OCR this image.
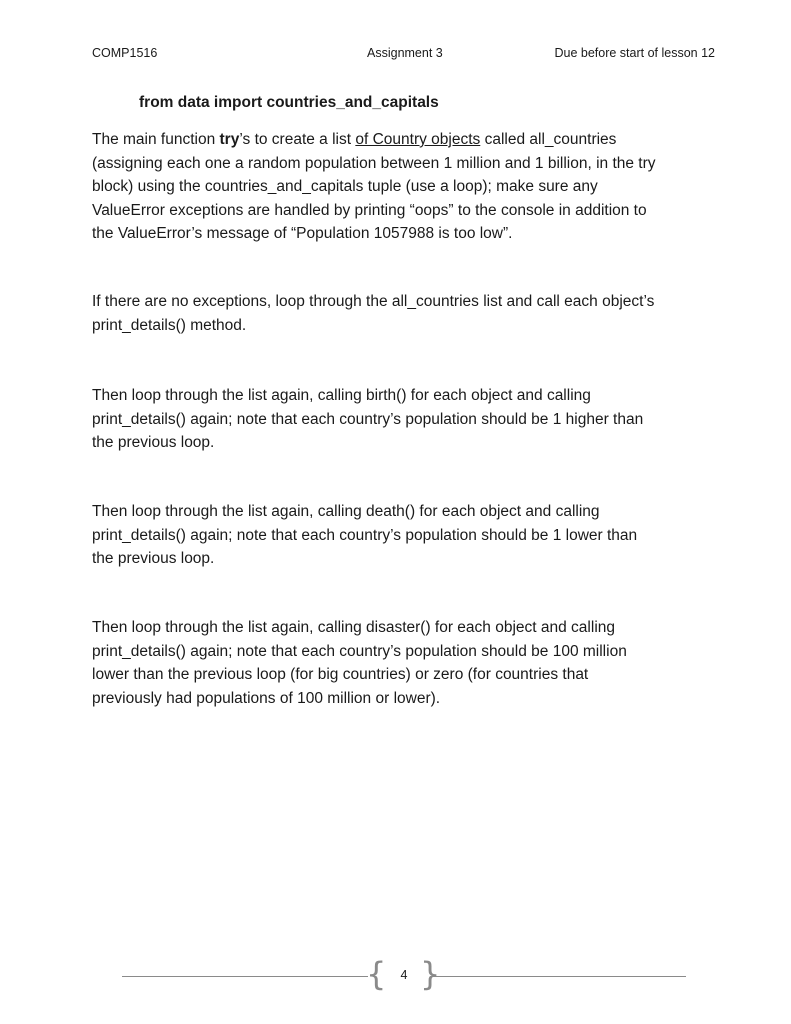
COMP1516	Assignment 3	Due before start of lesson 12
from data import countries_and_capitals

The main function try’s to create a list of Country objects called all_countries
(assigning each one a random population between 1 million and 1 billion, in the try
block) using the countries_and_capitals tuple (use a loop); make sure any
ValueError exceptions are handled by printing “oops” to the console in addition to
the ValueError’s message of “Population 1057988 is too low”.

If there are no exceptions, loop through the all_countries list and call each object’s
print_details() method.

Then loop through the list again, calling birth() for each object and calling
print_details() again; note that each country’s population should be 1 higher than
the previous loop.

Then loop through the list again, calling death() for each object and calling
print_details() again; note that each country’s population should be 1 lower than
the previous loop.

Then loop through the list again, calling disaster() for each object and calling
print_details() again; note that each country’s population should be 100 million
lower than the previous loop (for big countries) or zero (for countries that
previously had populations of 100 million or lower).

{	4 }
